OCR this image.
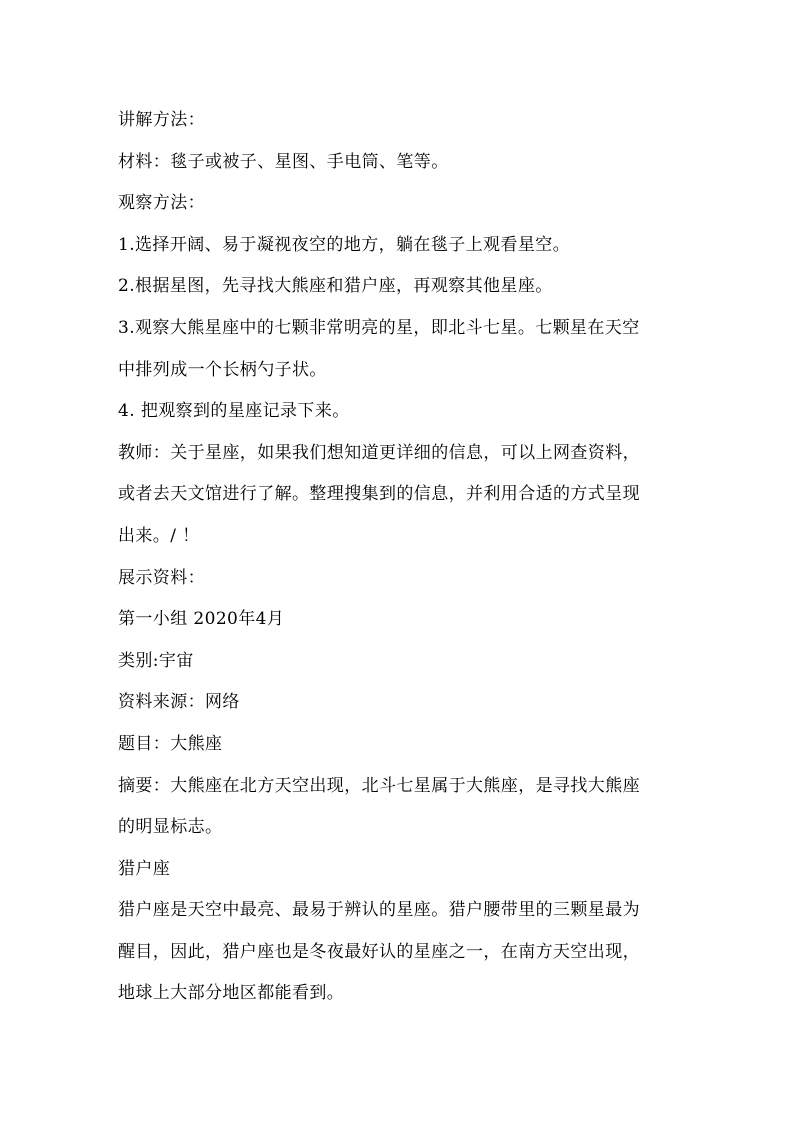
讲解方法：
材料：毯子或被子、星图、手电筒、笔等。
观察方法：
1.选择开阔、易于凝视夜空的地方，躺在毯子上观看星空。
2.根据星图，先寻找大熊座和猎户座，再观察其他星座。
3.观察大熊星座中的七颗非常明亮的星，即北斗七星。七颗星在天空
中排列成一个长柄勺子状。
4. 把观察到的星座记录下来。
教师：关于星座，如果我们想知道更详细的信息，可以上网查资料，
或者去天文馆进行了解。整理搜集到的信息，并利用合适的方式呈现
出来。/ ！
展示资料：
第一小组 2020年4月
类别:宇宙
资料来源：网络
题目：大熊座
摘要：大熊座在北方天空出现，北斗七星属于大熊座，是寻找大熊座
的明显标志。
猎户座
猎户座是天空中最亮、最易于辨认的星座。猎户腰带里的三颗星最为
醒目，因此，猎户座也是冬夜最好认的星座之一，在南方天空出现，
地球上大部分地区都能看到。
